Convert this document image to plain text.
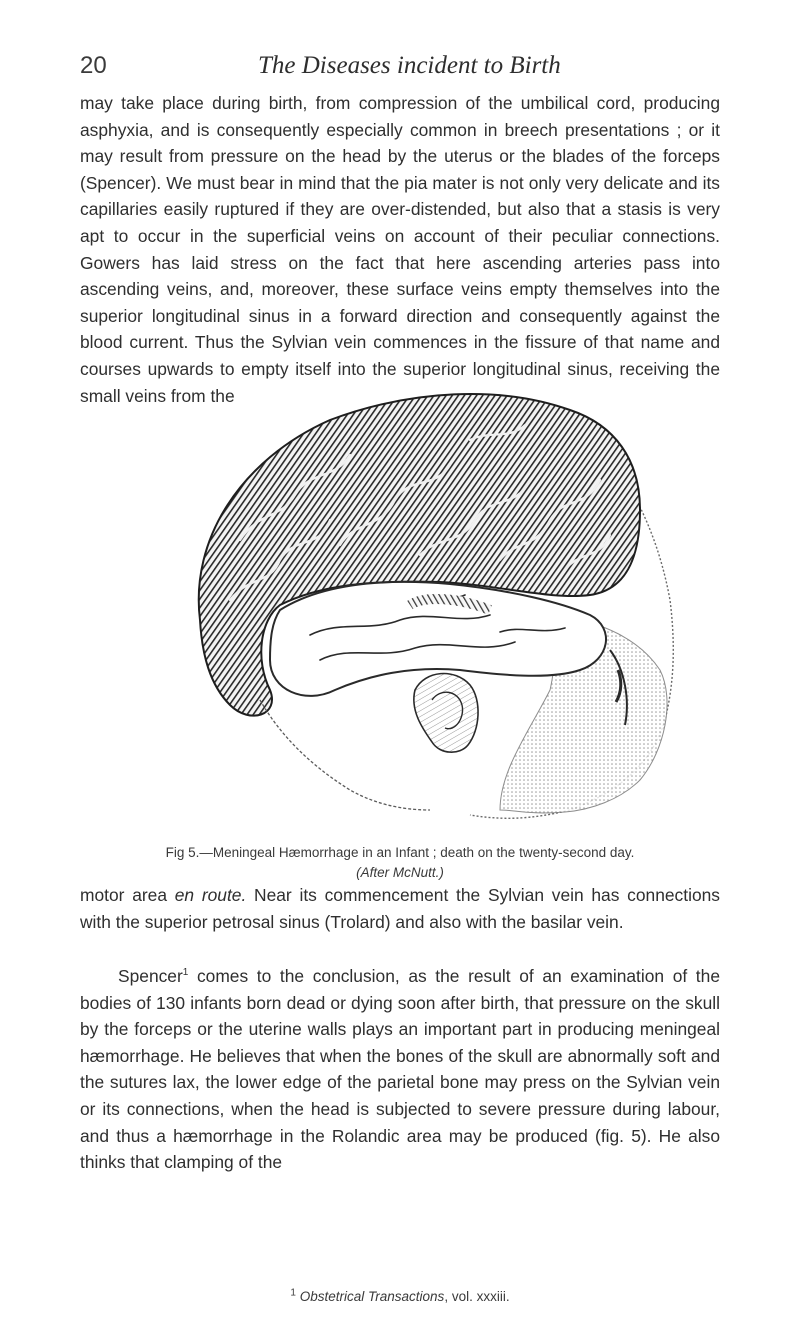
20	The Diseases incident to Birth
may take place during birth, from compression of the umbilical cord, producing asphyxia, and is consequently especially common in breech presentations ; or it may result from pressure on the head by the uterus or the blades of the forceps (Spencer). We must bear in mind that the pia mater is not only very delicate and its capillaries easily ruptured if they are over-distended, but also that a stasis is very apt to occur in the superficial veins on account of their peculiar connections. Gowers has laid stress on the fact that here ascending arteries pass into ascending veins, and, moreover, these surface veins empty themselves into the superior longitudinal sinus in a forward direction and consequently against the blood current. Thus the Sylvian vein commences in the fissure of that name and courses upwards to empty itself into the superior longitudinal sinus, receiving the small veins from the
Fig 5.—Meningeal Hæmorrhage in an Infant ; death on the twenty-second day.
(After McNutt.)
motor area en route. Near its commencement the Sylvian vein has connections with the superior petrosal sinus (Trolard) and also with the basilar vein.
Spencer$^1$ comes to the conclusion, as the result of an examination of the bodies of 130 infants born dead or dying soon after birth, that pressure on the skull by the forceps or the uterine walls plays an important part in producing meningeal hæmorrhage. He believes that when the bones of the skull are abnormally soft and the sutures lax, the lower edge of the parietal bone may press on the Sylvian vein or its connections, when the head is subjected to severe pressure during labour, and thus a hæmorrhage in the Rolandic area may be produced (fig. 5). He also thinks that clamping of the
$^1$ Obstetrical Transactions, vol. xxxiii.
